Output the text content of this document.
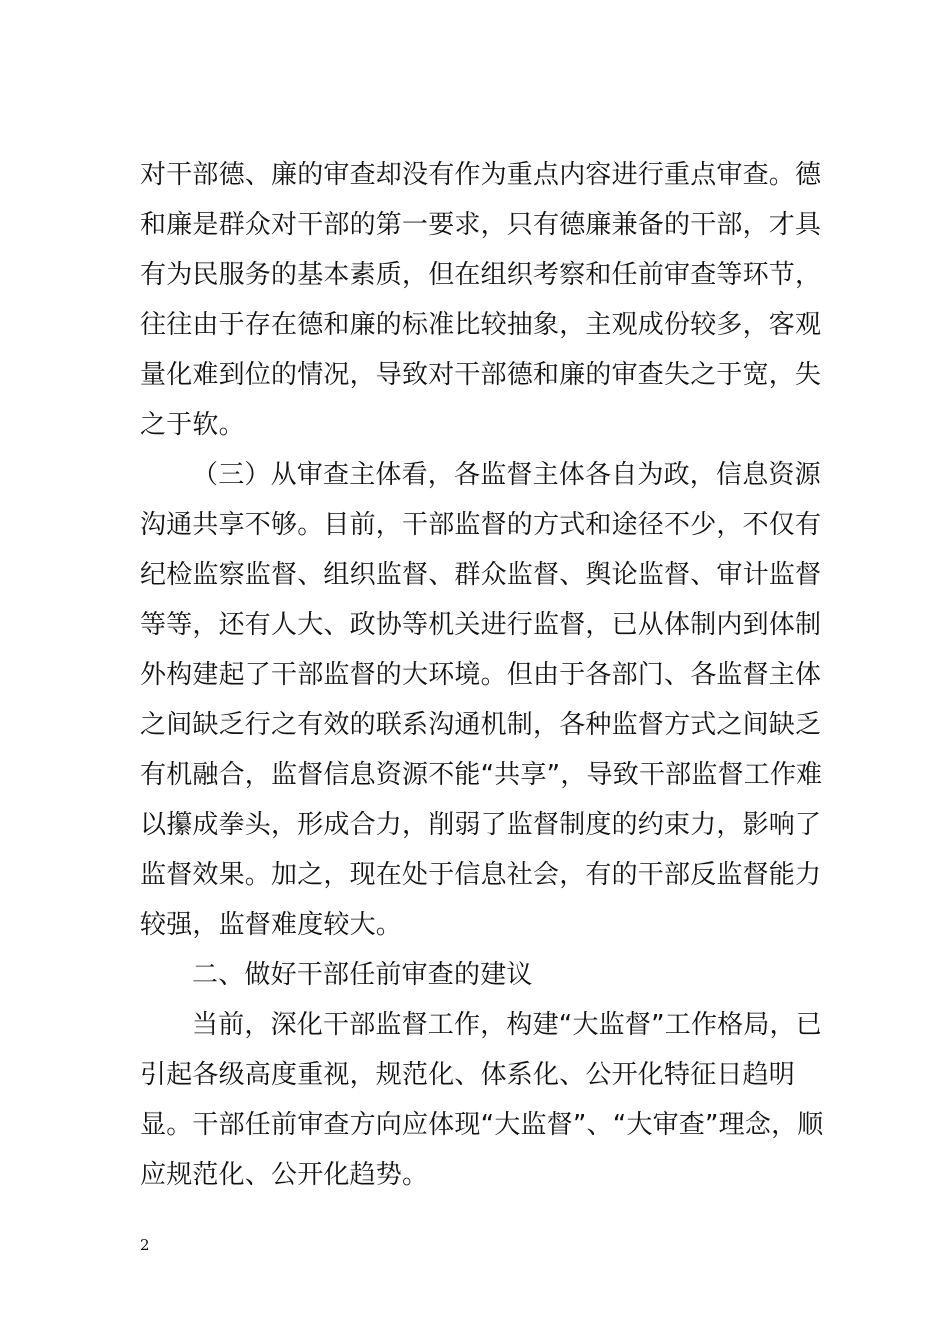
对干部德、廉的审查却没有作为重点内容进行重点审查。德
和廉是群众对干部的第一要求，只有德廉兼备的干部，才具
有为民服务的基本素质，但在组织考察和任前审查等环节，
往往由于存在德和廉的标准比较抽象，主观成份较多，客观
量化难到位的情况，导致对干部德和廉的审查失之于宽，失
之于软。
（三）从审查主体看，各监督主体各自为政，信息资源
沟通共享不够。目前，干部监督的方式和途径不少，不仅有
纪检监察监督、组织监督、群众监督、舆论监督、审计监督
等等，还有人大、政协等机关进行监督，已从体制内到体制
外构建起了干部监督的大环境。但由于各部门、各监督主体
之间缺乏行之有效的联系沟通机制，各种监督方式之间缺乏
有机融合，监督信息资源不能“共享”，导致干部监督工作难
以攥成拳头，形成合力，削弱了监督制度的约束力，影响了
监督效果。加之，现在处于信息社会，有的干部反监督能力
较强，监督难度较大。
二、做好干部任前审查的建议
当前，深化干部监督工作，构建“大监督”工作格局，已
引起各级高度重视，规范化、体系化、公开化特征日趋明
显。干部任前审查方向应体现“大监督”、“大审查”理念，顺
应规范化、公开化趋势。
2
